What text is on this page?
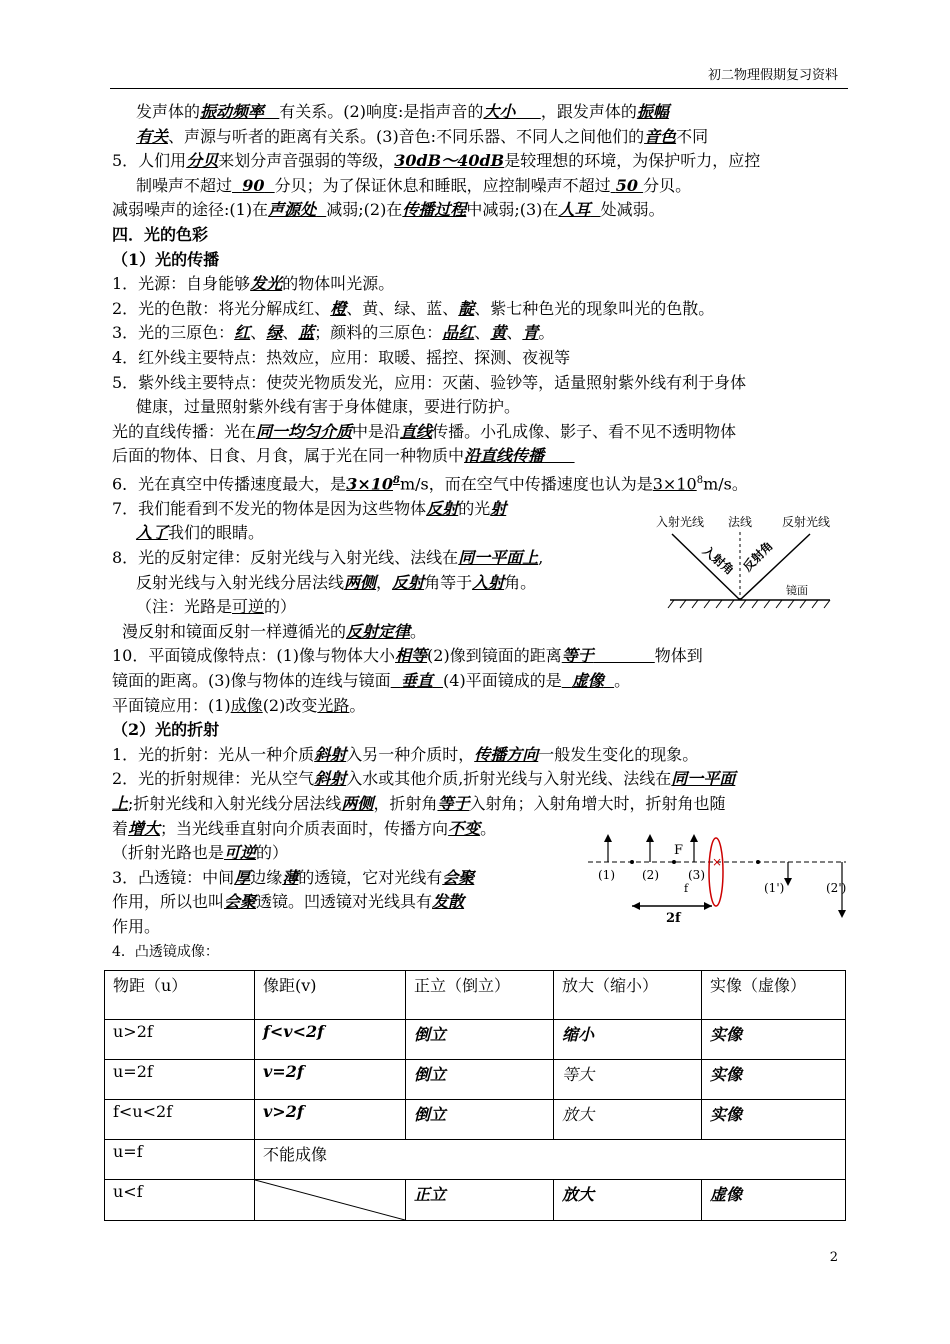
初二物理假期复习资料
发声体的振动频率 有关系。(2)响度:是指声音的大小 ，跟发声体的振幅
有关、声源与听者的距离有关系。(3)音色:不同乐器、不同人之间他们的音色不同
5．人们用分贝来划分声音强弱的等级，30dB～40dB是较理想的环境，为保护听力，应控
制噪声不超过 90 分贝；为了保证休息和睡眠，应控制噪声不超过 50 分贝。
减弱噪声的途径:(1)在声源处 减弱;(2)在传播过程中减弱;(3)在人耳 处减弱。
四．光的色彩
（1）光的传播
1．光源：自身能够发光的物体叫光源。
2．光的色散：将光分解成红、橙、黄、绿、蓝、靛、紫七种色光的现象叫光的色散。
3．光的三原色：红、绿、蓝；颜料的三原色：品红、黄、青。
4．红外线主要特点：热效应，应用：取暖、摇控、探测、夜视等
5．紫外线主要特点：使荧光物质发光，应用：灭菌、验钞等，适量照射紫外线有利于身体
健康，过量照射紫外线有害于身体健康，要进行防护。
光的直线传播：光在同一均匀介质中是沿直线传播。小孔成像、影子、看不见不透明物体
后面的物体、日食、月食，属于光在同一种物质中沿直线传播
6．光在真空中传播速度最大，是$3\times 10^8m/s$，而在空气中传播速度也认为是$3\times 10^8m/s$。
7．我们能看到不发光的物体是因为这些物体反射的光射
入了我们的眼睛。
8．光的反射定律：反射光线与入射光线、法线在同一平面上,
反射光线与入射光线分居法线两侧，反射角等于入射角。
（注：光路是可逆的）
漫反射和镜面反射一样遵循光的反射定律。
10．平面镜成像特点：(1)像与物体大小相等(2)像到镜面的距离等于	物体到
镜面的距离。(3)像与物体的连线与镜面 垂直 (4)平面镜成的是 虚像 。
平面镜应用：(1)成像(2)改变光路。
（2）光的折射
1．光的折射：光从一种介质斜射入另一种介质时，传播方向一般发生变化的现象。
2．光的折射规律：光从空气斜射入水或其他介质,折射光线与入射光线、法线在同一平面
上;折射光线和入射光线分居法线两侧，折射角等于入射角；入射角增大时，折射角也随
着增大；当光线垂直射向介质表面时，传播方向不变。
（折射光路也是可逆的）
3．凸透镜：中间厚边缘薄的透镜，它对光线有会聚
作用，所以也叫会聚透镜。凹透镜对光线具有发散
作用。
4．凸透镜成像：
入射光线 法线 反射光线
入射角 反射角
镜面
×
F
(1) (2) (3)
(1')	(2')
f
2f
物距（u）	像距(v)	正立（倒立）	放大（缩小）	实像（虚像）
u>2f	f<v<2f	倒立	缩小	实像
u=2f	v=2f	倒立	等大	实像
f<u<2f	v>2f	倒立	放大	实像
u=f	不能成像			
u<f		正立	放大	虚像
2
